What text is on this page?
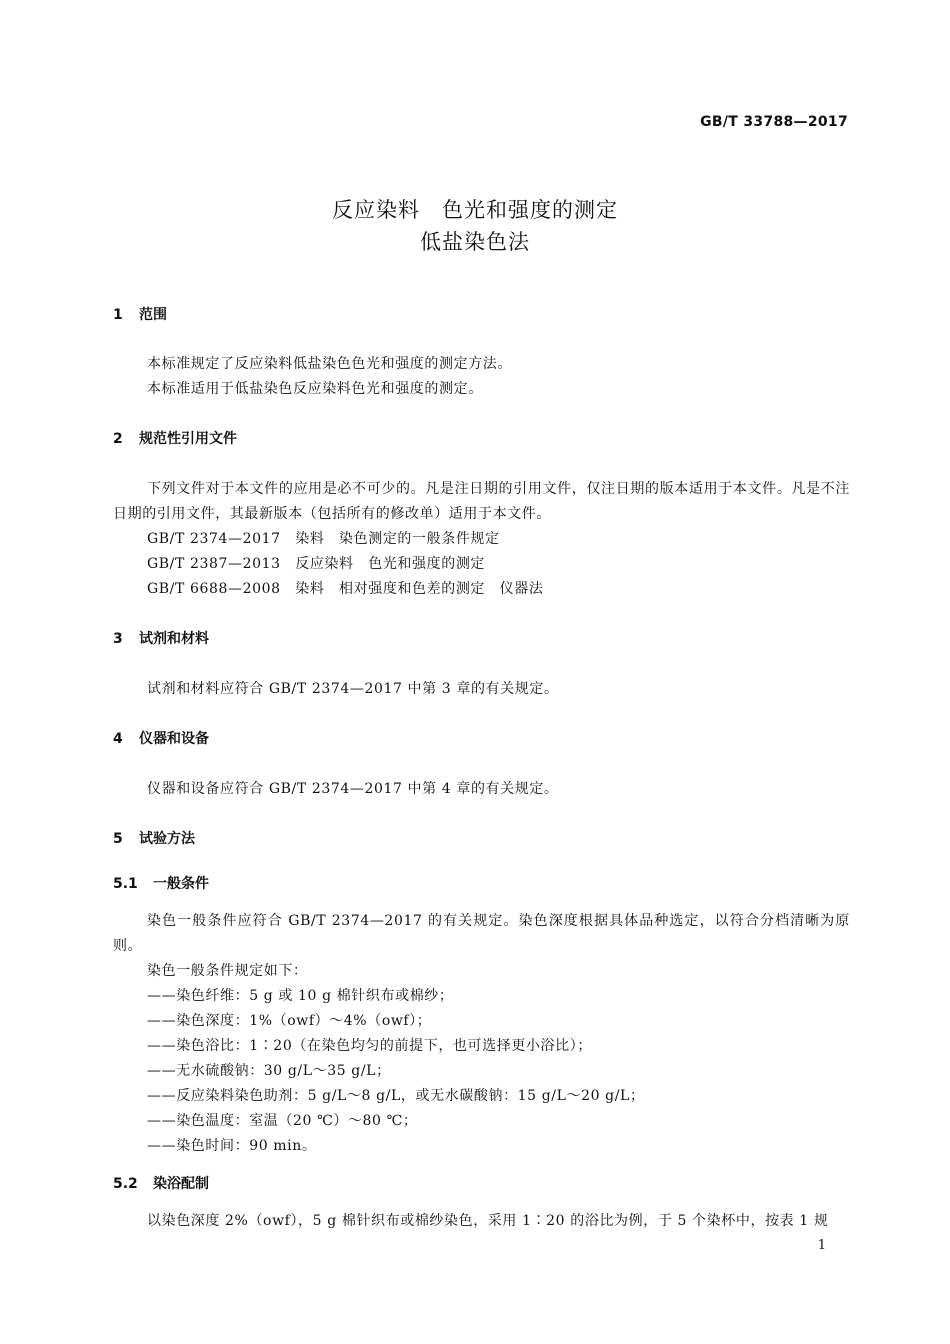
GB/T 33788—2017
反应染料　色光和强度的测定
低盐染色法
1 范围
本标准规定了反应染料低盐染色色光和强度的测定方法。
本标准适用于低盐染色反应染料色光和强度的测定。
2 规范性引用文件
下列文件对于本文件的应用是必不可少的。凡是注日期的引用文件，仅注日期的版本适用于本文件。凡是不注日期的引用文件，其最新版本（包括所有的修改单）适用于本文件。
GB/T 2374—2017　染料　染色测定的一般条件规定
GB/T 2387—2013　反应染料　色光和强度的测定
GB/T 6688—2008　染料　相对强度和色差的测定　仪器法
3 试剂和材料
试剂和材料应符合 GB/T 2374—2017 中第 3 章的有关规定。
4 仪器和设备
仪器和设备应符合 GB/T 2374—2017 中第 4 章的有关规定。
5 试验方法
5.1 一般条件
染色一般条件应符合 GB/T 2374—2017 的有关规定。染色深度根据具体品种选定，以符合分档清晰为原则。
染色一般条件规定如下：
——染色纤维：5 g 或 10 g 棉针织布或棉纱；
——染色深度：1%（owf）～4%（owf）；
——染色浴比：1∶20（在染色均匀的前提下，也可选择更小浴比）；
——无水硫酸钠：30 g/L～35 g/L；
——反应染料染色助剂：5 g/L～8 g/L，或无水碳酸钠：15 g/L～20 g/L；
——染色温度：室温（20 ℃）～80 ℃；
——染色时间：90 min。
5.2 染浴配制
以染色深度 2%（owf），5 g 棉针织布或棉纱染色，采用 1∶20 的浴比为例，于 5 个染杯中，按表 1 规
1
